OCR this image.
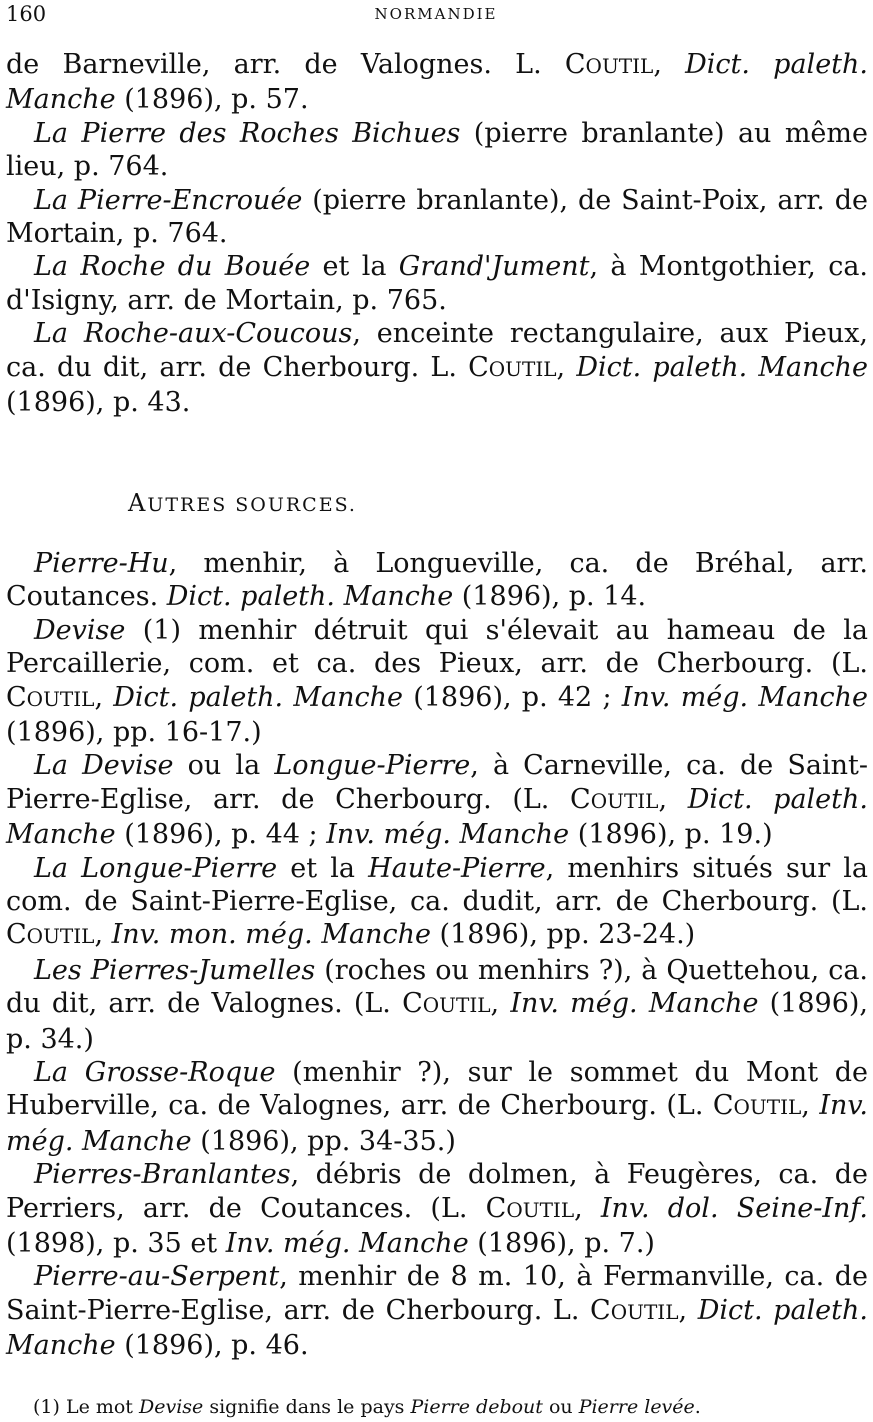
160	NORMANDIE

de Barneville, arr. de Valognes. L. COUTIL, Dict. paleth. Manche (1896), p. 57.

La Pierre des Roches Bichues (pierre branlante) au même lieu, p. 764.

La Pierre-Encrouée (pierre branlante), de Saint-Poix, arr. de Mortain, p. 764.

La Roche du Bouée et la Grand'Jument, à Montgothier, ca. d'Isigny, arr. de Mortain, p. 765.

La Roche-aux-Coucous, enceinte rectangulaire, aux Pieux, ca. du dit, arr. de Cherbourg. L. COUTIL, Dict. paleth. Manche (1896), p. 43.

AUTRES SOURCES.

Pierre-Hu, menhir, à Longueville, ca. de Bréhal, arr. Coutances. Dict. paleth. Manche (1896), p. 14.

Devise (1) menhir détruit qui s'élevait au hameau de la Percaillerie, com. et ca. des Pieux, arr. de Cherbourg. (L. COUTIL, Dict. paleth. Manche (1896), p. 42 ; Inv. még. Manche (1896), pp. 16-17.)

La Devise ou la Longue-Pierre, à Carneville, ca. de Saint-Pierre-Eglise, arr. de Cherbourg. (L. COUTIL, Dict. paleth. Manche (1896), p. 44 ; Inv. még. Manche (1896), p. 19.)

La Longue-Pierre et la Haute-Pierre, menhirs situés sur la com. de Saint-Pierre-Eglise, ca. dudit, arr. de Cherbourg. (L. COUTIL, Inv. mon. még. Manche (1896), pp. 23-24.)

Les Pierres-Jumelles (roches ou menhirs ?), à Quettehou, ca. du dit, arr. de Valognes. (L. COUTIL, Inv. még. Manche (1896), p. 34.)

La Grosse-Roque (menhir ?), sur le sommet du Mont de Huberville, ca. de Valognes, arr. de Cherbourg. (L. COUTIL, Inv. még. Manche (1896), pp. 34-35.)

Pierres-Branlantes, débris de dolmen, à Feugères, ca. de Perriers, arr. de Coutances. (L. COUTIL, Inv. dol. Seine-Inf. (1898), p. 35 et Inv. még. Manche (1896), p. 7.)

Pierre-au-Serpent, menhir de 8 m. 10, à Fermanville, ca. de Saint-Pierre-Eglise, arr. de Cherbourg. L. COUTIL, Dict. paleth. Manche (1896), p. 46.

(1) Le mot Devise signifie dans le pays Pierre debout ou Pierre levée.
